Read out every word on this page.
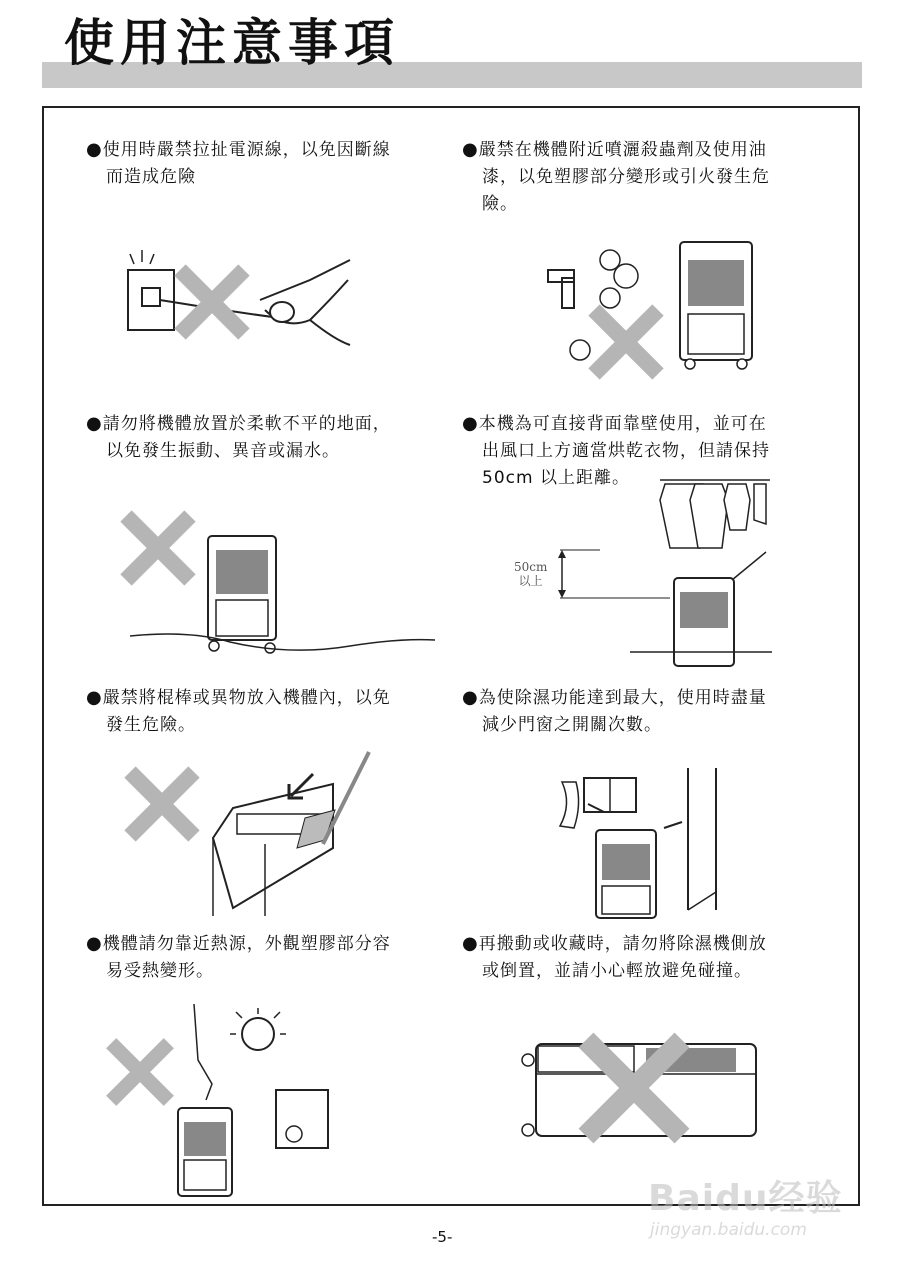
使用注意事項
●使用時嚴禁拉扯電源線，以免因斷線
而造成危險
●嚴禁在機體附近噴灑殺蟲劑及使用油
漆，以免塑膠部分變形或引火發生危
險。
●請勿將機體放置於柔軟不平的地面，
以免發生振動、異音或漏水。
●本機為可直接背面靠壁使用，並可在
出風口上方適當烘乾衣物，但請保持
50cm 以上距離。
●嚴禁將棍棒或異物放入機體內，以免
發生危險。
●為使除濕功能達到最大，使用時盡量
減少門窗之開關次數。
●機體請勿靠近熱源，外觀塑膠部分容
易受熱變形。
●再搬動或收藏時，請勿將除濕機側放
或倒置，並請小心輕放避免碰撞。
50cm
以上
-5-
Baidu经验
jingyan.baidu.com
